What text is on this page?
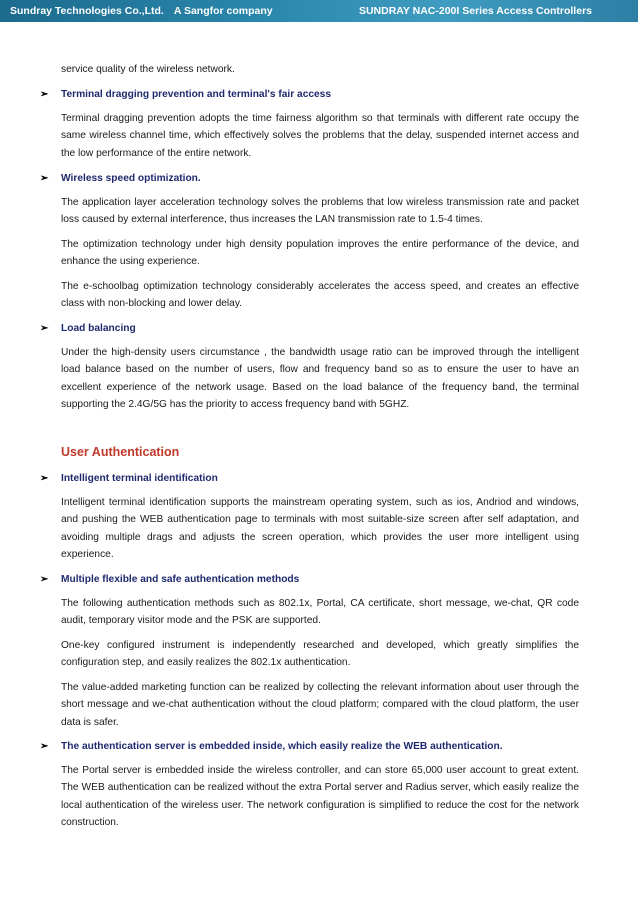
Sundray Technologies Co.,Ltd. A Sangfor company	SUNDRAY NAC-200I Series Access Controllers

service quality of the wireless network.

➢ Terminal dragging prevention and terminal's fair access

Terminal dragging prevention adopts the time fairness algorithm so that terminals with different rate occupy the same wireless channel time, which effectively solves the problems that the delay, suspended internet access and the low performance of the entire network.

➢ Wireless speed optimization.

The application layer acceleration technology solves the problems that low wireless transmission rate and packet loss caused by external interference, thus increases the LAN transmission rate to 1.5-4 times.

The optimization technology under high density population improves the entire performance of the device, and enhance the using experience.

The e-schoolbag optimization technology considerably accelerates the access speed, and creates an effective class with non-blocking and lower delay.

➢ Load balancing

Under the high-density users circumstance , the bandwidth usage ratio can be improved through the intelligent load balance based on the number of users, flow and frequency band so as to ensure the user to have an excellent experience of the network usage. Based on the load balance of the frequency band, the terminal supporting the 2.4G/5G has the priority to access frequency band with 5GHZ.

User Authentication
➢ Intelligent terminal identification

Intelligent terminal identification supports the mainstream operating system, such as ios, Andriod and windows, and pushing the WEB authentication page to terminals with most suitable-size screen after self adaptation, and avoiding multiple drags and adjusts the screen operation, which provides the user more intelligent using experience.

➢ Multiple flexible and safe authentication methods

The following authentication methods such as 802.1x, Portal, CA certificate, short message, we-chat, QR code audit, temporary visitor mode and the PSK are supported.

One-key configured instrument is independently researched and developed, which greatly simplifies the configuration step, and easily realizes the 802.1x authentication.

The value-added marketing function can be realized by collecting the relevant information about user through the short message and we-chat authentication without the cloud platform; compared with the cloud platform, the user data is safer.

➢ The authentication server is embedded inside, which easily realize the WEB authentication.

The Portal server is embedded inside the wireless controller, and can store 65,000 user account to great extent. The WEB authentication can be realized without the extra Portal server and Radius server, which easily realize the local authentication of the wireless user. The network configuration is simplified to reduce the cost for the network construction.
